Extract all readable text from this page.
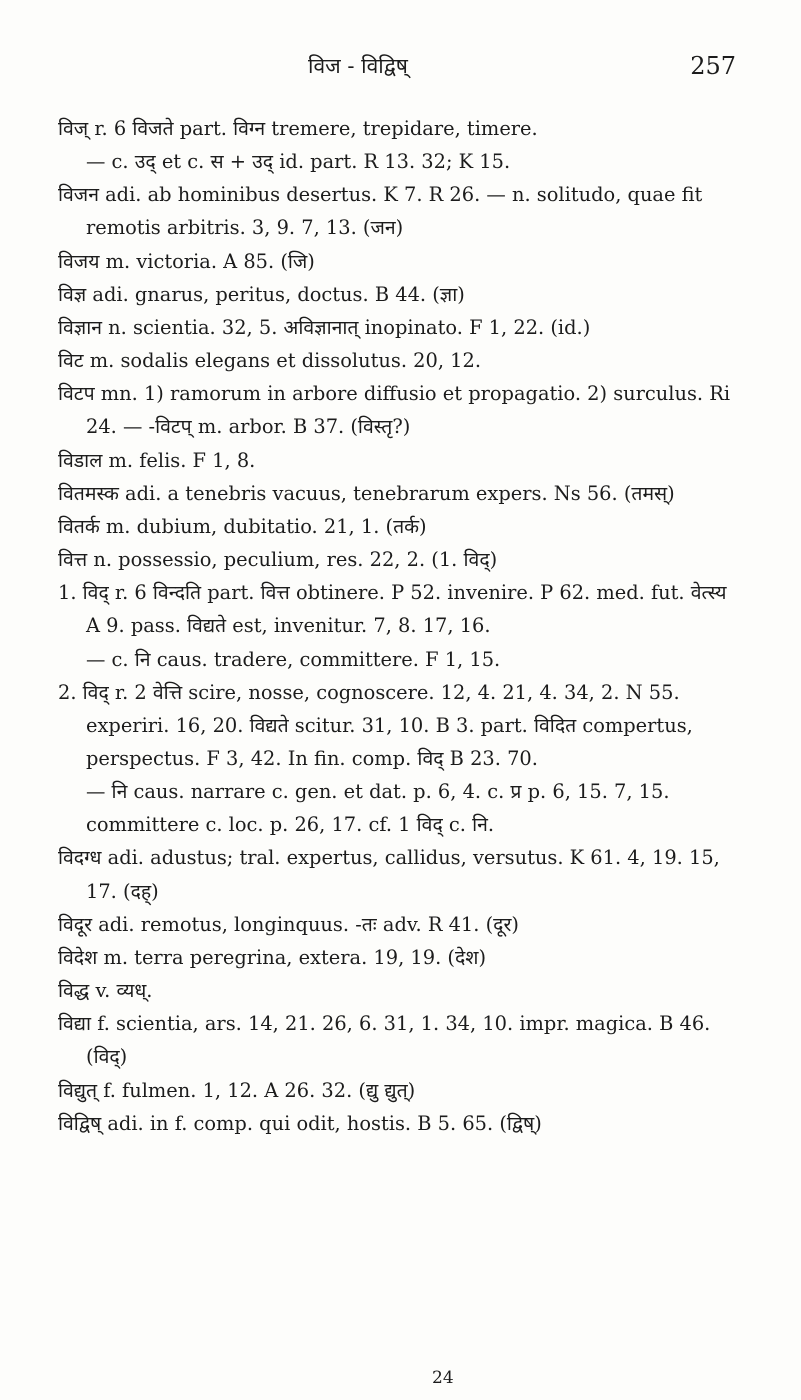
विज - विद्विष्	257

विज् r. 6 विजते part. विग्न tremere, trepidare, timere.

— c. उद् et c. स + उद् id. part. R 13. 32; K 15.

विजन adi. ab hominibus desertus. K 7. R 26. — n. solitudo, quae fit remotis arbitris. 3, 9. 7, 13. (जन)

विजय m. victoria. A 85. (जि)

विज्ञ adi. gnarus, peritus, doctus. B 44. (ज्ञा)

विज्ञान n. scientia. 32, 5. अविज्ञानात् inopinato. F 1, 22. (id.)

विट m. sodalis elegans et dissolutus. 20, 12.

विटप mn. 1) ramorum in arbore diffusio et propagatio. 2) surculus. Ri 24. — -विटप् m. arbor. B 37. (विस्तृ?)

विडाल m. felis. F 1, 8.

वितमस्क adi. a tenebris vacuus, tenebrarum expers. Ns 56. (तमस्)

वितर्क m. dubium, dubitatio. 21, 1. (तर्क)

वित्त n. possessio, peculium, res. 22, 2. (1. विद्)

1. विद् r. 6 विन्दति part. वित्त obtinere. P 52. invenire. P 62. med. fut. वेत्स्य A 9. pass. विद्यते est, invenitur. 7, 8. 17, 16.

— c. नि caus. tradere, committere. F 1, 15.

2. विद् r. 2 वेत्ति scire, nosse, cognoscere. 12, 4. 21, 4. 34, 2. N 55. experiri. 16, 20. विद्यते scitur. 31, 10. B 3. part. विदित compertus, perspectus. F 3, 42. In fin. comp. विद् B 23. 70.

— नि caus. narrare c. gen. et dat. p. 6, 4. c. प्र p. 6, 15. 7, 15. committere c. loc. p. 26, 17. cf. 1 विद् c. नि.

विदग्ध adi. adustus; tral. expertus, callidus, versutus. K 61. 4, 19. 15, 17. (दह्)

विदूर adi. remotus, longinquus. -तः adv. R 41. (दूर)

विदेश m. terra peregrina, extera. 19, 19. (देश)

विद्ध v. व्यध्.

विद्या f. scientia, ars. 14, 21. 26, 6. 31, 1. 34, 10. impr. magica. B 46. (विद्)

विद्युत् f. fulmen. 1, 12. A 26. 32. (द्यु द्युत्)

विद्विष् adi. in f. comp. qui odit, hostis. B 5. 65. (द्विष्)

24
